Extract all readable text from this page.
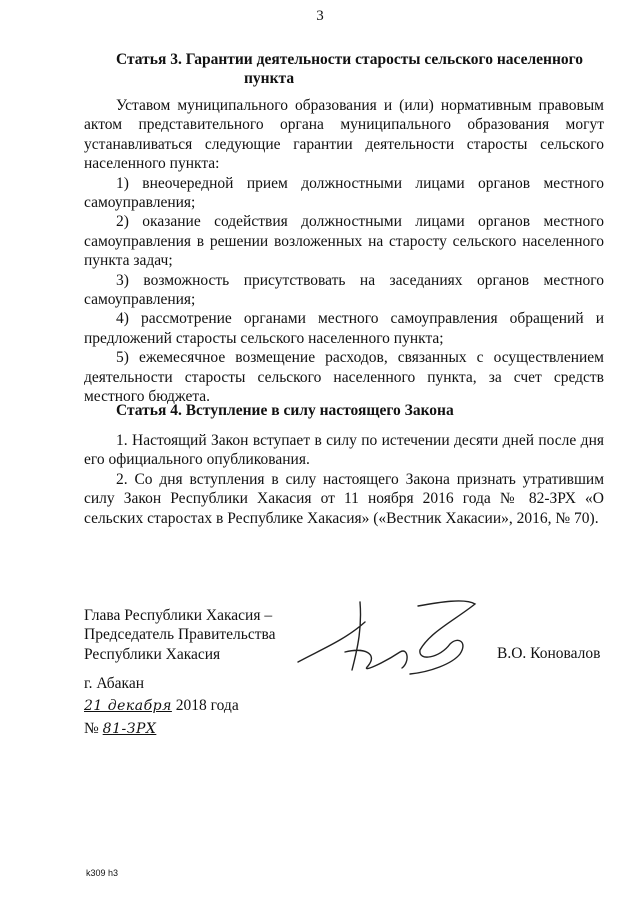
3
Статья 3. Гарантии деятельности старосты сельского населенного
пункта

Уставом муниципального образования и (или) нормативным правовым актом представительного органа муниципального образования могут устанавливаться следующие гарантии деятельности старосты сельского населенного пункта:

1) внеочередной прием должностными лицами органов местного самоуправления;

2) оказание содействия должностными лицами органов местного самоуправления в решении возложенных на старосту сельского населенного пункта задач;

3) возможность присутствовать на заседаниях органов местного самоуправления;

4) рассмотрение органами местного самоуправления обращений и предложений старосты сельского населенного пункта;

5) ежемесячное возмещение расходов, связанных с осуществлением деятельности старосты сельского населенного пункта, за счет средств местного бюджета.

Статья 4. Вступление в силу настоящего Закона

1. Настоящий Закон вступает в силу по истечении десяти дней после дня его официального опубликования.

2. Со дня вступления в силу настоящего Закона признать утратившим силу Закон Республики Хакасия от 11 ноября 2016 года № 82-ЗРХ «О сельских старостах в Республике Хакасия» («Вестник Хакасии», 2016, № 70).

Глава Республики Хакасия –
Председатель Правительства
Республики Хакасия	В.О. Коновалов
г. Абакан
21 декабря 2018 года
№ 81-ЗРХ
k309 h3
